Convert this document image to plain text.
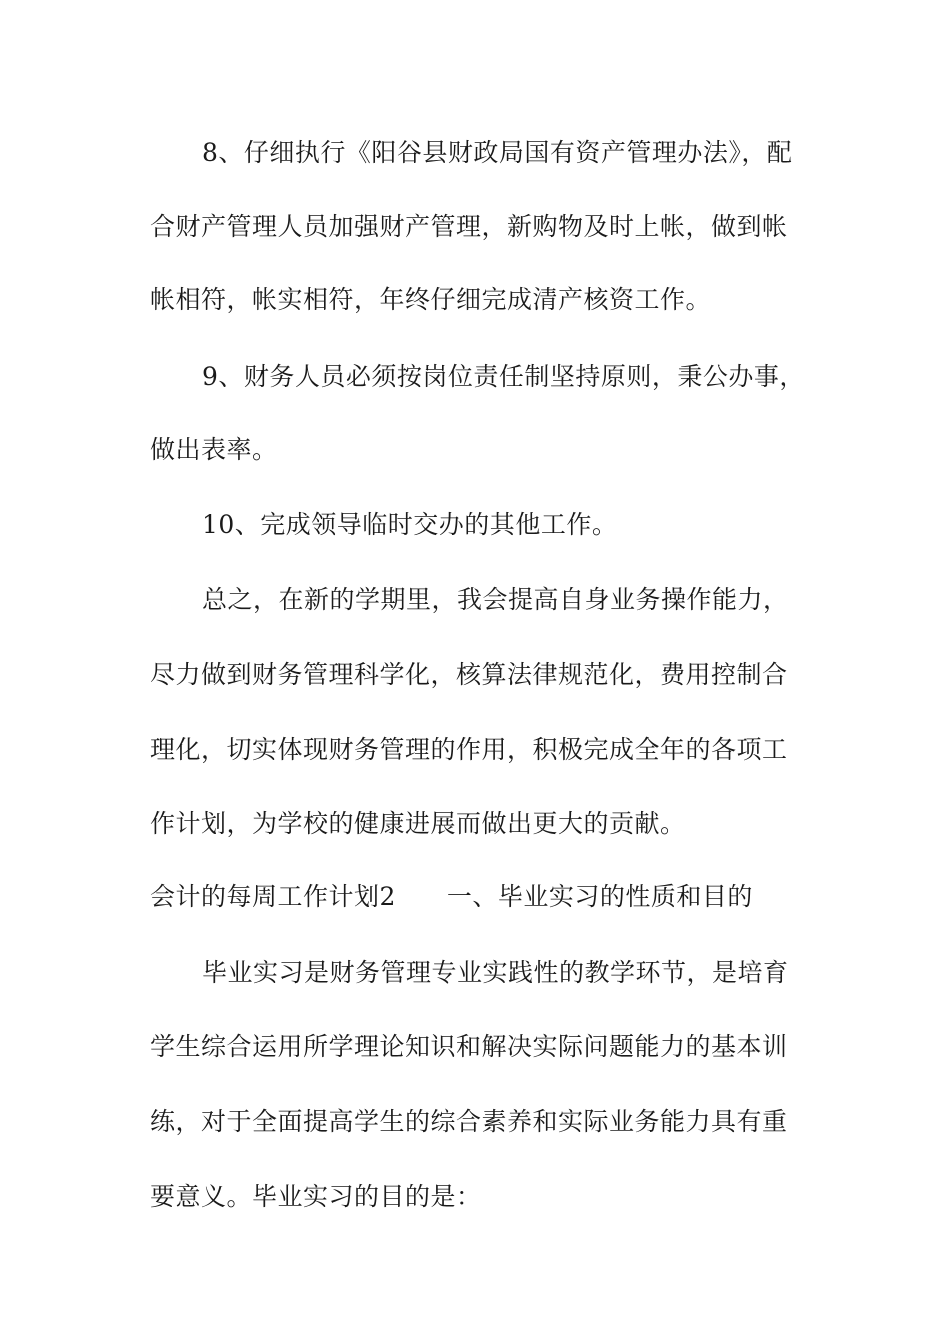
8、仔细执行《阳谷县财政局国有资产管理办法》，配
合财产管理人员加强财产管理，新购物及时上帐，做到帐
帐相符，帐实相符，年终仔细完成清产核资工作。
9、财务人员必须按岗位责任制坚持原则，秉公办事，
做出表率。
10、完成领导临时交办的其他工作。
总之，在新的学期里，我会提高自身业务操作能力，
尽力做到财务管理科学化，核算法律规范化，费用控制合
理化，切实体现财务管理的作用，积极完成全年的各项工
作计划，为学校的健康进展而做出更大的贡献。
会计的每周工作计划2　　一、毕业实习的性质和目的
毕业实习是财务管理专业实践性的教学环节，是培育
学生综合运用所学理论知识和解决实际问题能力的基本训
练，对于全面提高学生的综合素养和实际业务能力具有重
要意义。毕业实习的目的是：
